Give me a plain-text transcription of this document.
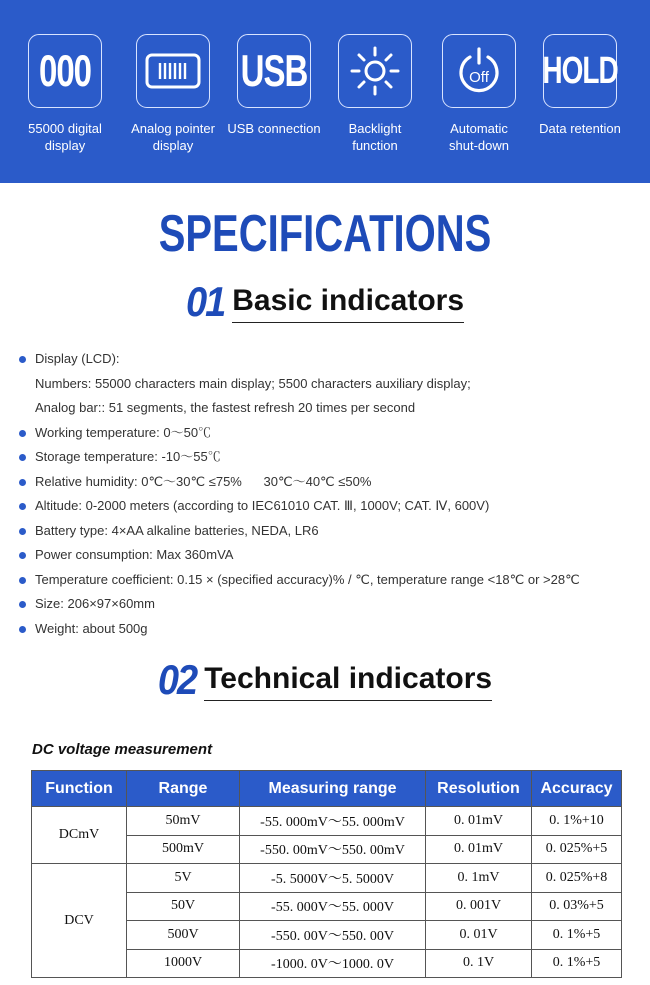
000
55000 digital
display
Analog pointer
display
USB
USB connection	Backlight
function
Off
Automatic
shut-down
HOLD
Data retention
SPECIFICATIONS
01 Basic indicators
Display (LCD):
Numbers: 55000 characters main display; 5500 characters auxiliary display;
Analog bar:: 51 segments, the fastest refresh 20 times per second
Working temperature: 0～50℃
Storage temperature: -10～55℃
Relative humidity: 0℃～30℃ ≤75%      30℃～40℃ ≤50%
Altitude: 0-2000 meters (according to IEC61010 CAT. Ⅲ, 1000V; CAT. Ⅳ, 600V)
Battery type: 4×AA alkaline batteries, NEDA, LR6
Power consumption: Max 360mVA
Temperature coefficient: 0.15 × (specified accuracy)% / ℃, temperature range <18℃ or >28℃
Size: 206×97×60mm
Weight: about 500g
02 Technical indicators
DC voltage measurement
Function	Range	Measuring range	Resolution	Accuracy
DCmV	50mV	-55. 000mV～55. 000mV	0. 01mV	0. 1%+10
	500mV	-550. 00mV～550. 00mV	0. 01mV	0. 025%+5
DCV	5V	-5. 5000V～5. 5000V	0. 1mV	0. 025%+8
	50V	-55. 000V～55. 000V	0. 001V	0. 03%+5
	500V	-550. 00V～550. 00V	0. 01V	0. 1%+5
	1000V	-1000. 0V～1000. 0V	0. 1V	0. 1%+5
